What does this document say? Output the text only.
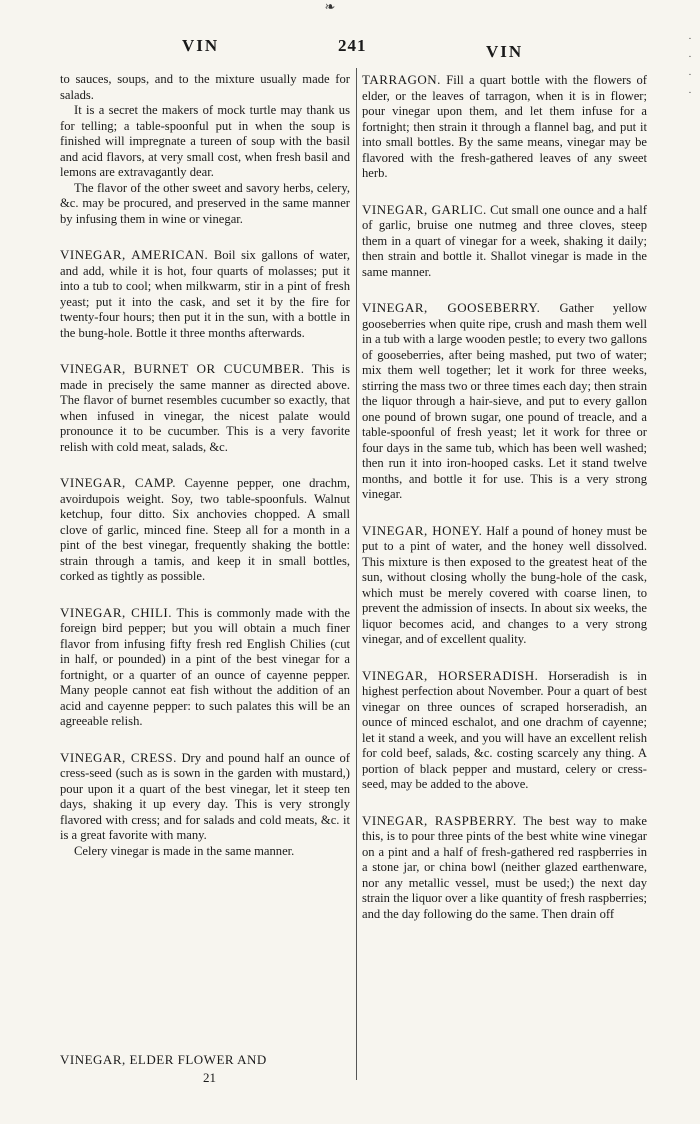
❧
VIN	241	VIN

to sauces, soups, and to the mixture usually made for salads.

It is a secret the makers of mock turtle may thank us for telling; a table-spoonful put in when the soup is finished will impregnate a tureen of soup with the basil and acid flavors, at very small cost, when fresh basil and lemons are extravagantly dear.

The flavor of the other sweet and savory herbs, celery, &c. may be procured, and preserved in the same manner by infusing them in wine or vinegar.

VINEGAR, AMERICAN. Boil six gallons of water, and add, while it is hot, four quarts of molasses; put it into a tub to cool; when milkwarm, stir in a pint of fresh yeast; put it into the cask, and set it by the fire for twenty-four hours; then put it in the sun, with a bottle in the bung-hole. Bottle it three months afterwards.

VINEGAR, BURNET OR CUCUMBER. This is made in precisely the same manner as directed above. The flavor of burnet resembles cucumber so exactly, that when infused in vinegar, the nicest palate would pronounce it to be cucumber. This is a very favorite relish with cold meat, salads, &c.

VINEGAR, CAMP. Cayenne pepper, one drachm, avoirdupois weight. Soy, two table-spoonfuls. Walnut ketchup, four ditto. Six anchovies chopped. A small clove of garlic, minced fine. Steep all for a month in a pint of the best vinegar, frequently shaking the bottle: strain through a tamis, and keep it in small bottles, corked as tightly as possible.

VINEGAR, CHILI. This is commonly made with the foreign bird pepper; but you will obtain a much finer flavor from infusing fifty fresh red English Chilies (cut in half, or pounded) in a pint of the best vinegar for a fortnight, or a quarter of an ounce of cayenne pepper. Many people cannot eat fish without the addition of an acid and cayenne pepper: to such palates this will be an agreeable relish.

VINEGAR, CRESS. Dry and pound half an ounce of cress-seed (such as is sown in the garden with mustard,) pour upon it a quart of the best vinegar, let it steep ten days, shaking it up every day. This is very strongly flavored with cress; and for salads and cold meats, &c. it is a great favorite with many.

Celery vinegar is made in the same manner.

VINEGAR, ELDER FLOWER AND

TARRAGON. Fill a quart bottle with the flowers of elder, or the leaves of tarragon, when it is in flower; pour vinegar upon them, and let them infuse for a fortnight; then strain it through a flannel bag, and put it into small bottles. By the same means, vinegar may be flavored with the fresh-gathered leaves of any sweet herb.

VINEGAR, GARLIC. Cut small one ounce and a half of garlic, bruise one nutmeg and three cloves, steep them in a quart of vinegar for a week, shaking it daily; then strain and bottle it. Shallot vinegar is made in the same manner.

VINEGAR, GOOSEBERRY. Gather yellow gooseberries when quite ripe, crush and mash them well in a tub with a large wooden pestle; to every two gallons of gooseberries, after being mashed, put two of water; mix them well together; let it work for three weeks, stirring the mass two or three times each day; then strain the liquor through a hair-sieve, and put to every gallon one pound of brown sugar, one pound of treacle, and a table-spoonful of fresh yeast; let it work for three or four days in the same tub, which has been well washed; then run it into iron-hooped casks. Let it stand twelve months, and bottle it for use. This is a very strong vinegar.

VINEGAR, HONEY. Half a pound of honey must be put to a pint of water, and the honey well dissolved. This mixture is then exposed to the greatest heat of the sun, without closing wholly the bung-hole of the cask, which must be merely covered with coarse linen, to prevent the admission of insects. In about six weeks, the liquor becomes acid, and changes to a very strong vinegar, and of excellent quality.

VINEGAR, HORSERADISH. Horseradish is in highest perfection about November. Pour a quart of best vinegar on three ounces of scraped horseradish, an ounce of minced eschalot, and one drachm of cayenne; let it stand a week, and you will have an excellent relish for cold beef, salads, &c. costing scarcely any thing. A portion of black pepper and mustard, celery or cress-seed, may be added to the above.

VINEGAR, RASPBERRY. The best way to make this, is to pour three pints of the best white wine vinegar on a pint and a half of fresh-gathered red raspberries in a stone jar, or china bowl (neither glazed earthenware, nor any metallic vessel, must be used;) the next day strain the liquor over a like quantity of fresh raspberries; and the day following do the same. Then drain off

21
·
·
·
·
